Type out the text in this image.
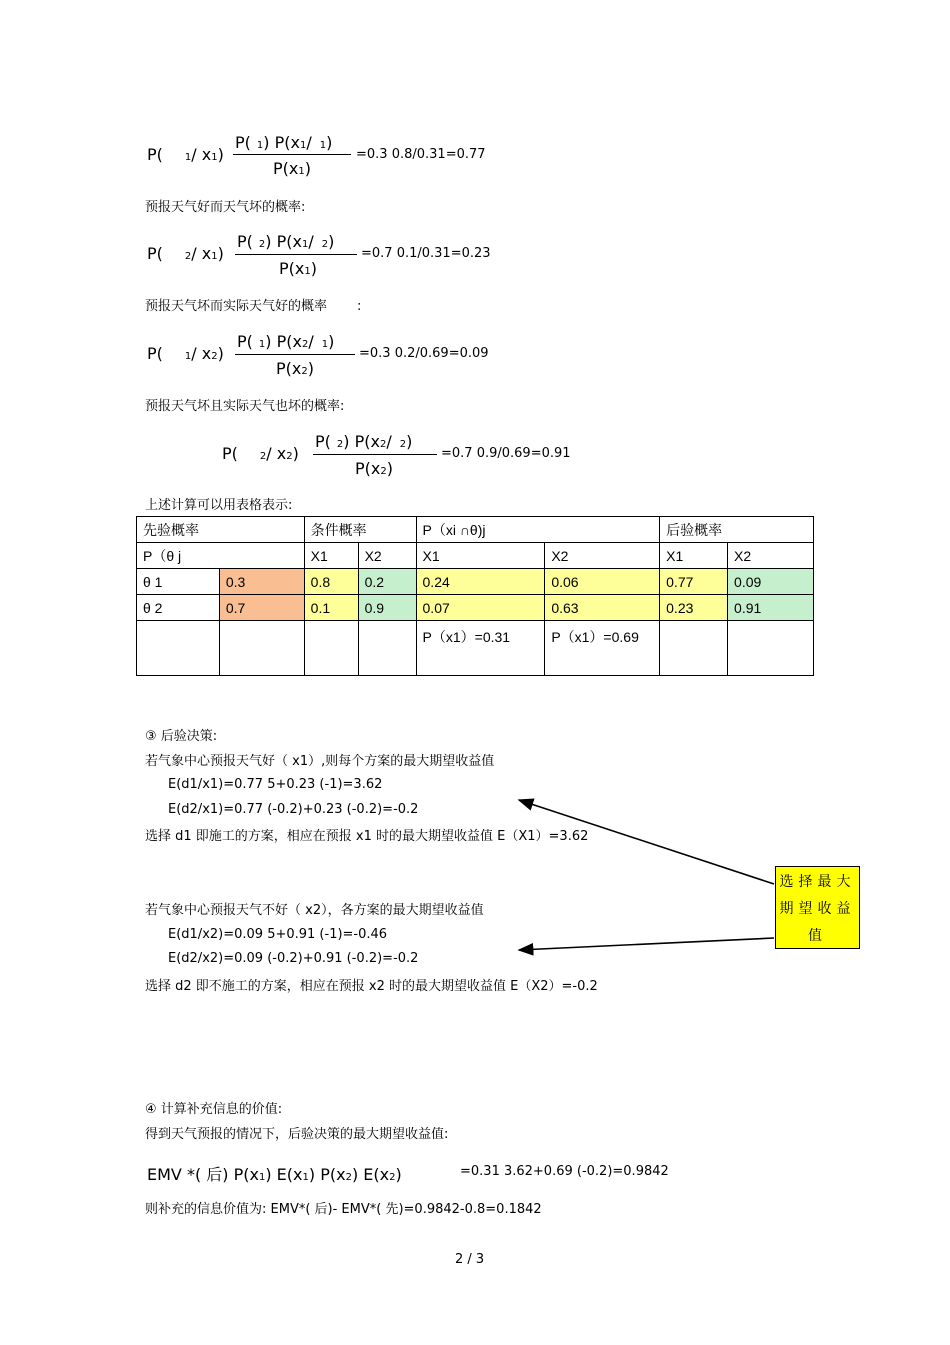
P( 1/ x1)
P( 1) P(x1/ 1)
P(x1)
=0.3 0.8/0.31=0.77
预报天气好而天气坏的概率:
P( 2/ x1)
P( 2) P(x1/ 2)
P(x1)
=0.7 0.1/0.31=0.23
预报天气坏而实际天气好的概率 :
P( 1/ x2)
P( 1) P(x2/ 1)
P(x2)
=0.3 0.2/0.69=0.09
预报天气坏且实际天气也坏的概率:
P( 2/ x2)
P( 2) P(x2/ 2)
P(x2)
=0.7 0.9/0.69=0.91
上述计算可以用表格表示:
先验概率		条件概率		P（xi ∩θ)j		后验概率	
P（θ j		X1	X2	X1	X2	X1	X2
θ 1	0.3	0.8	0.2	0.24	0.06	0.77	0.09
θ 2	0.7	0.1	0.9	0.07	0.63	0.23	0.91
				P（x1）=0.31	P（x1）=0.69		
③ 后验决策:
若气象中心预报天气好（ x1）,则每个方案的最大期望收益值
E(d1/x1)=0.77 5+0.23 (-1)=3.62
E(d2/x1)=0.77 (-0.2)+0.23 (-0.2)=-0.2
选择 d1 即施工的方案，相应在预报 x1 时的最大期望收益值 E（X1）=3.62
若气象中心预报天气不好（ x2），各方案的最大期望收益值
E(d1/x2)=0.09 5+0.91 (-1)=-0.46
E(d2/x2)=0.09 (-0.2)+0.91 (-0.2)=-0.2
选择 d2 即不施工的方案，相应在预报 x2 时的最大期望收益值 E（X2）=-0.2
选择最大期望收益值
④ 计算补充信息的价值:
得到天气预报的情况下，后验决策的最大期望收益值:
EMV *( 后) P(x1) E(x1) P(x2) E(x2)	=0.31 3.62+0.69 (-0.2)=0.9842
则补充的信息价值为: EMV*( 后)- EMV*( 先)=0.9842-0.8=0.1842
2 / 3
